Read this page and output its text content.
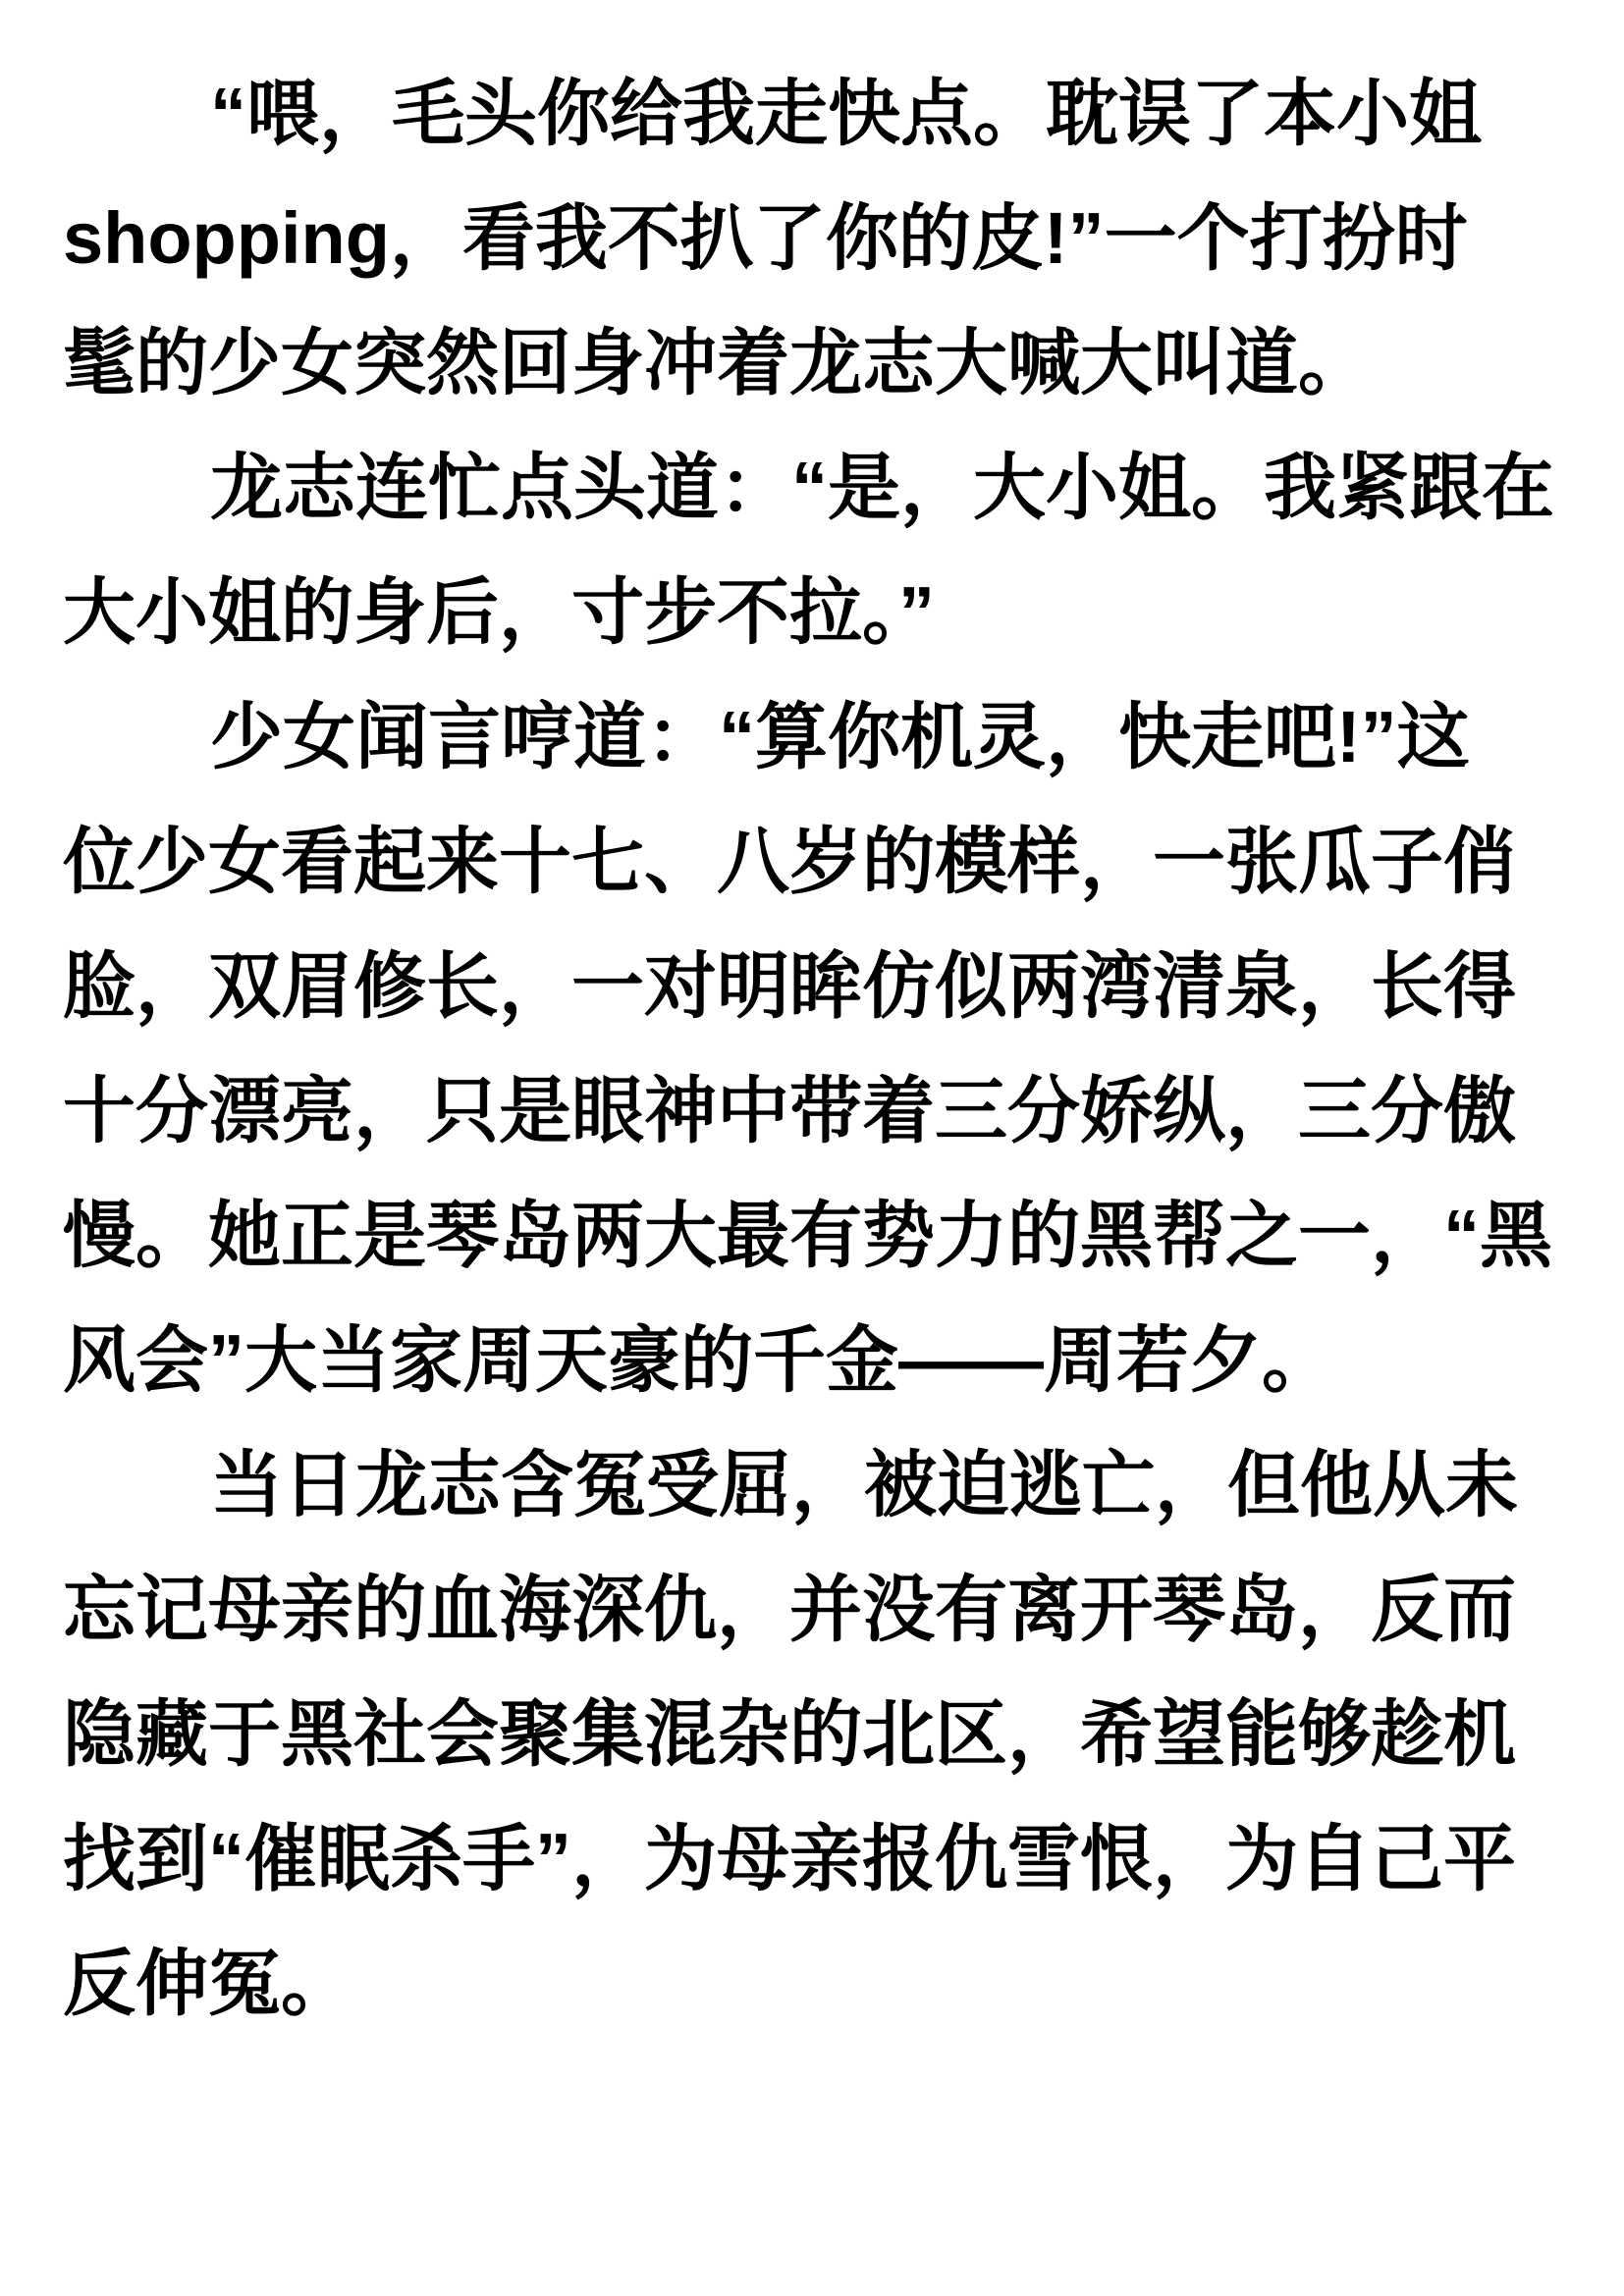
“喂，毛头你给我走快点。耽误了本小姐
shopping，看我不扒了你的皮!”一个打扮时
髦的少女突然回身冲着龙志大喊大叫道。
龙志连忙点头道：“是，大小姐。我紧跟在
大小姐的身后，寸步不拉。”
少女闻言哼道：“算你机灵，快走吧!”这
位少女看起来十七、八岁的模样，一张瓜子俏
脸，双眉修长，一对明眸仿似两湾清泉，长得
十分漂亮，只是眼神中带着三分娇纵，三分傲
慢。她正是琴岛两大最有势力的黑帮之一，“黑
风会”大当家周天豪的千金——周若夕。
当日龙志含冤受屈，被迫逃亡，但他从未
忘记母亲的血海深仇，并没有离开琴岛，反而
隐藏于黑社会聚集混杂的北区，希望能够趁机
找到“催眠杀手”，为母亲报仇雪恨，为自己平
反伸冤。
